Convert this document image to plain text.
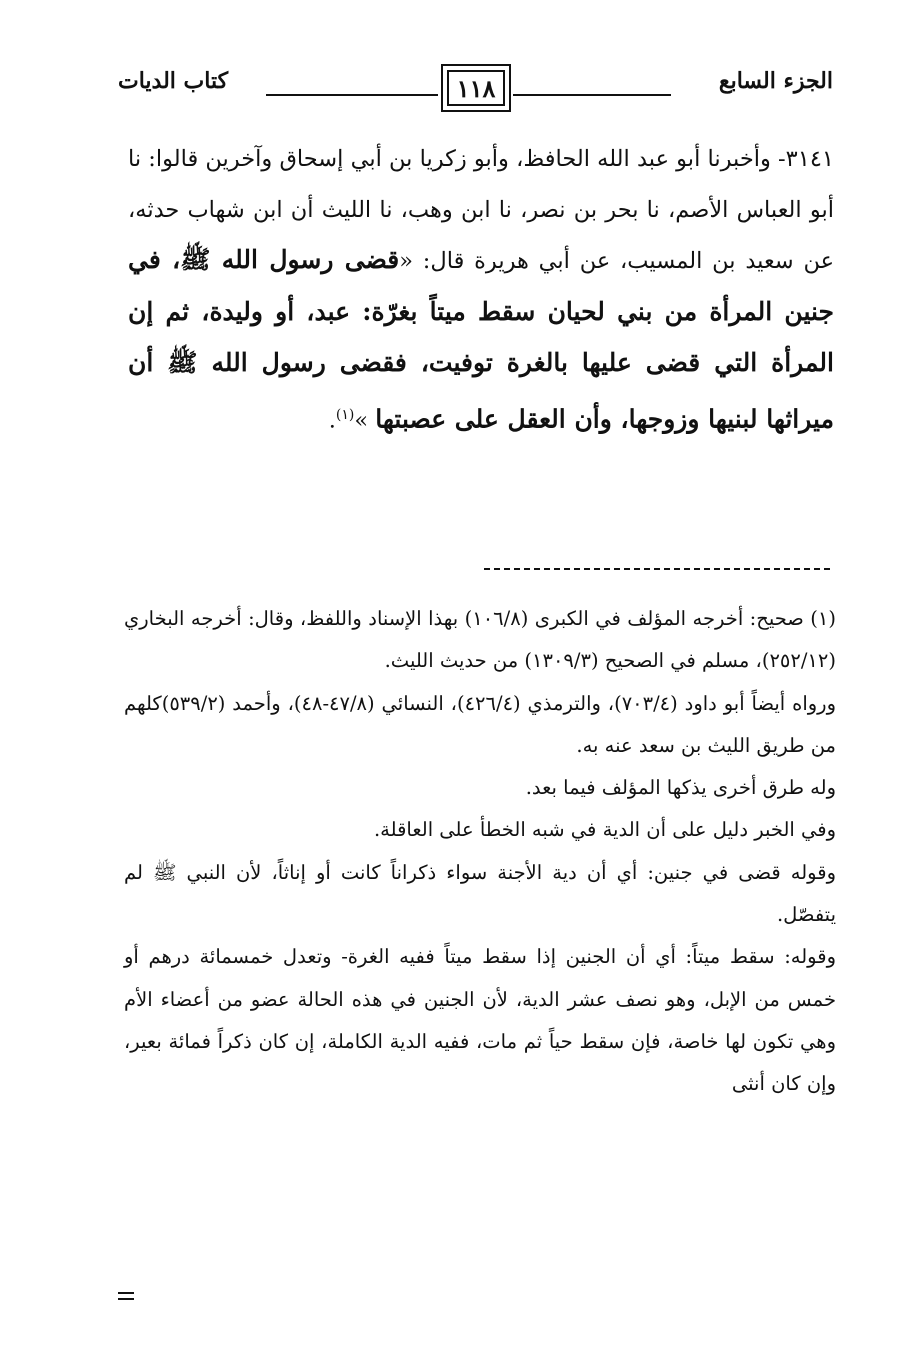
الجزء السابع
١١٨
كتاب الديات

٣١٤١- وأخبرنا أبو عبد الله الحافظ، وأبو زكريا بن أبي إسحاق وآخرين قالوا: نا أبو العباس الأصم، نا بحر بن نصر، نا ابن وهب، نا الليث أن ابن شهاب حدثه، عن سعيد بن المسيب، عن أبي هريرة قال: «قضى رسول الله ﷺ، في جنين المرأة من بني لحيان سقط ميتاً بغرّة: عبد، أو وليدة، ثم إن المرأة التي قضى عليها بالغرة توفيت، فقضى رسول الله ﷺ أن ميراثها لبنيها وزوجها، وأن العقل على عصبتها »$^{(١)}$.

(١) صحيح: أخرجه المؤلف في الكبرى (١٠٦/٨) بهذا الإسناد واللفظ، وقال: أخرجه البخاري (٢٥٢/١٢)، مسلم في الصحيح (١٣٠٩/٣) من حديث الليث.

ورواه أيضاً أبو داود (٧٠٣/٤)، والترمذي (٤٢٦/٤)، النسائي (٤٧/٨-٤٨)، وأحمد (٥٣٩/٢)كلهم من طريق الليث بن سعد عنه به.

وله طرق أخرى يذكها المؤلف فيما بعد.

وفي الخبر دليل على أن الدية في شبه الخطأ على العاقلة.

وقوله قضى في جنين: أي أن دية الأجنة سواء ذكراناً كانت أو إناثاً، لأن النبي ﷺ لم يتفصّل.

وقوله: سقط ميتاً: أي أن الجنين إذا سقط ميتاً ففيه الغرة- وتعدل خمسمائة درهم أو خمس من الإبل، وهو نصف عشر الدية، لأن الجنين في هذه الحالة عضو من أعضاء الأم وهي تكون لها خاصة، فإن سقط حياً ثم مات، ففيه الدية الكاملة، إن كان ذكراً فمائة بعير، وإن كان أنثى
